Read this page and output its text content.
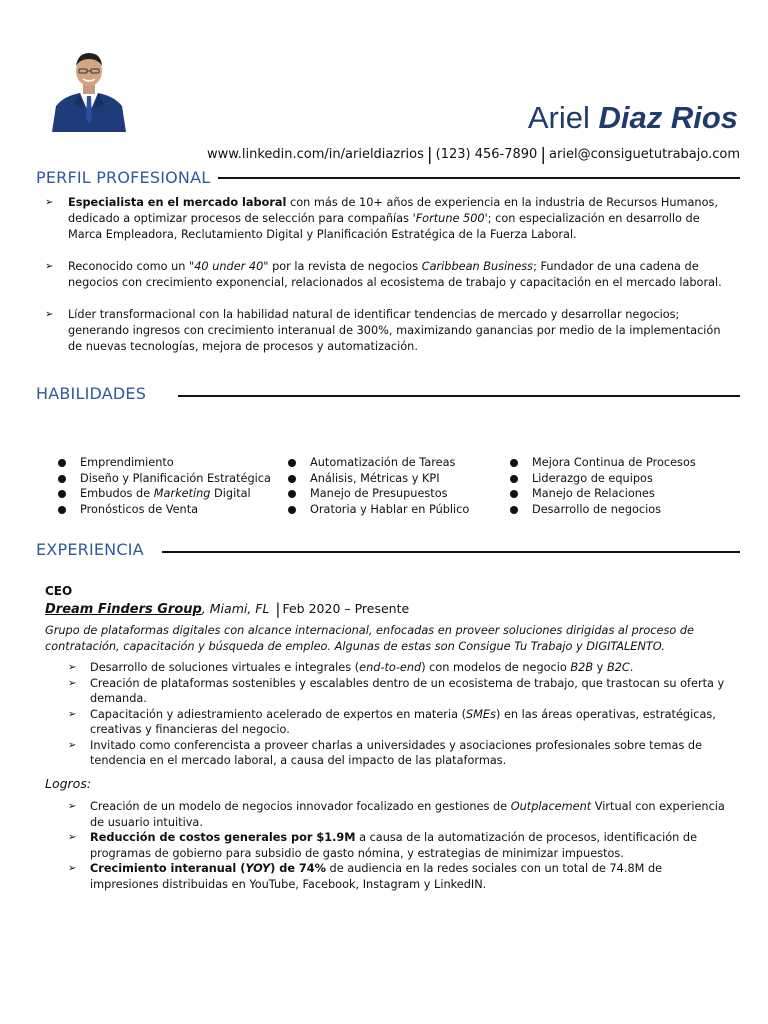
Ariel Diaz Rios
www.linkedin.com/in/arieldiazrios | (123) 456-7890 | ariel@consiguetutrabajo.com
PERFIL PROFESIONAL
➢ Especialista en el mercado laboral con más de 10+ años de experiencia en la industria de Recursos Humanos, dedicado a optimizar procesos de selección para compañías 'Fortune 500'; con especialización en desarrollo de Marca Empleadora, Reclutamiento Digital y Planificación Estratégica de la Fuerza Laboral.
➢ Reconocido como un "40 under 40" por la revista de negocios Caribbean Business; Fundador de una cadena de negocios con crecimiento exponencial, relacionados al ecosistema de trabajo y capacitación en el mercado laboral.
➢ Líder transformacional con la habilidad natural de identificar tendencias de mercado y desarrollar negocios; generando ingresos con crecimiento interanual de 300%, maximizando ganancias por medio de la implementación de nuevas tecnologías, mejora de procesos y automatización.
HABILIDADES
Emprendimiento
Diseño y Planificación Estratégica
Embudos de Marketing Digital
Pronósticos de Venta
Automatización de Tareas
Análisis, Métricas y KPI
Manejo de Presupuestos
Oratoria y Hablar en Público
Mejora Continua de Procesos
Liderazgo de equipos
Manejo de Relaciones
Desarrollo de negocios
EXPERIENCIA
CEO
Dream Finders Group, Miami, FL | Feb 2020 – Presente
Grupo de plataformas digitales con alcance internacional, enfocadas en proveer soluciones dirigidas al proceso de contratación, capacitación y búsqueda de empleo. Algunas de estas son Consigue Tu Trabajo y DIGITALENTO.
➢ Desarrollo de soluciones virtuales e integrales (end-to-end) con modelos de negocio B2B y B2C.
➢ Creación de plataformas sostenibles y escalables dentro de un ecosistema de trabajo, que trastocan su oferta y demanda.
➢ Capacitación y adiestramiento acelerado de expertos en materia (SMEs) en las áreas operativas, estratégicas, creativas y financieras del negocio.
➢ Invitado como conferencista a proveer charlas a universidades y asociaciones profesionales sobre temas de tendencia en el mercado laboral, a causa del impacto de las plataformas.
Logros:
➢ Creación de un modelo de negocios innovador focalizado en gestiones de Outplacement Virtual con experiencia de usuario intuitiva.
➢ Reducción de costos generales por $1.9M a causa de la automatización de procesos, identificación de programas de gobierno para subsidio de gasto nómina, y estrategias de minimizar impuestos.
➢ Crecimiento interanual (YOY) de 74% de audiencia en la redes sociales con un total de 74.8M de impresiones distribuidas en YouTube, Facebook, Instagram y LinkedIN.
